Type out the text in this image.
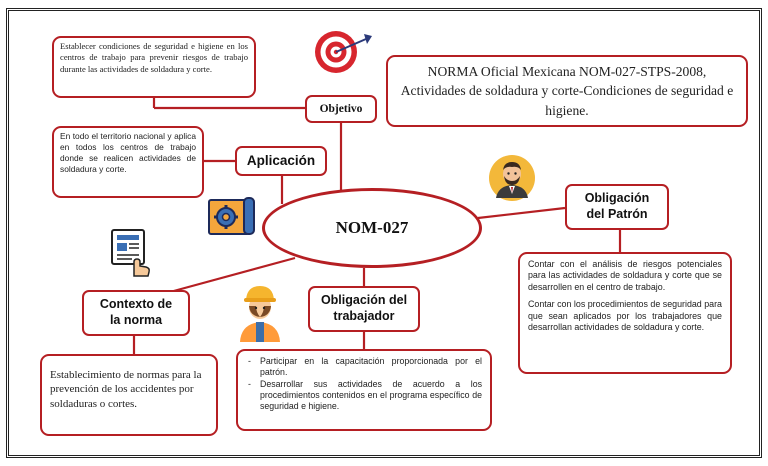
Establecer condiciones de seguridad e higiene en los centros de trabajo para prevenir riesgos de trabajo durante las actividades de soldadura y corte.
En todo el territorio nacional y aplica en todos los centros de trabajo donde se realicen actividades de soldadura y corte.
NORMA Oficial Mexicana NOM-027-STPS-2008, Actividades de soldadura y corte-Condiciones de seguridad e higiene.

Contar con el análisis de riesgos potenciales para las actividades de soldadura y corte que se desarrollen en el centro de trabajo.

Contar con los procedimientos de seguridad para que sean aplicados por los trabajadores que desarrollan actividades de soldadura y corte.

- Participar en la capacitación proporcionada por el patrón.
- Desarrollar sus actividades de acuerdo a los procedimientos contenidos en el programa específico de seguridad e higiene.
Establecimiento de normas para la prevención de los accidentes por soldaduras o cortes.
Objetivo
Aplicación
Obligación
del Patrón
Contexto de
la norma
Obligación del
trabajador
NOM-027
